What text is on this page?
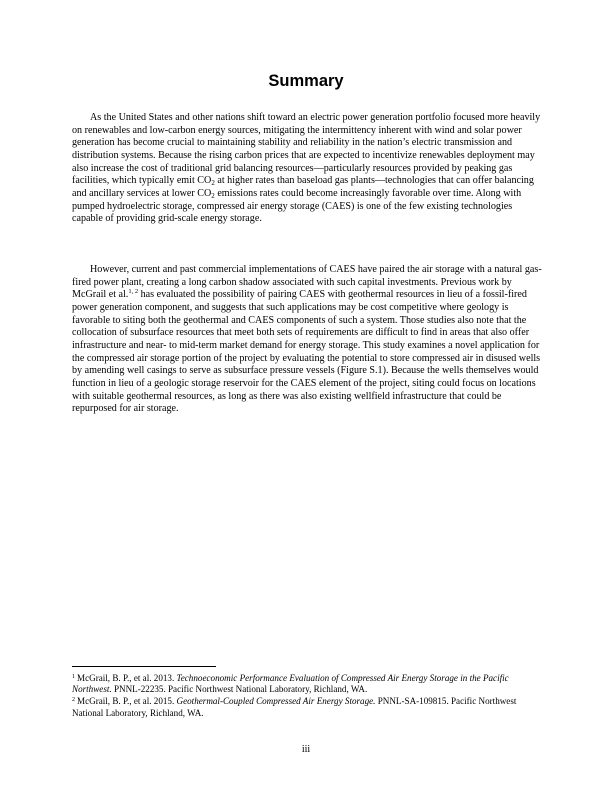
Summary

As the United States and other nations shift toward an electric power generation portfolio focused more heavily on renewables and low-carbon energy sources, mitigating the intermittency inherent with wind and solar power generation has become crucial to maintaining stability and reliability in the nation’s electric transmission and distribution systems. Because the rising carbon prices that are expected to incentivize renewables deployment may also increase the cost of traditional grid balancing resources—particularly resources provided by peaking gas facilities, which typically emit $CO_2$ at higher rates than baseload gas plants—technologies that can offer balancing and ancillary services at lower $CO_2$ emissions rates could become increasingly favorable over time. Along with pumped hydroelectric storage, compressed air energy storage (CAES) is one of the few existing technologies capable of providing grid-scale energy storage.

However, current and past commercial implementations of CAES have paired the air storage with a natural gas-fired power plant, creating a long carbon shadow associated with such capital investments. Previous work by McGrail et al.$^{1, 2}$ has evaluated the possibility of pairing CAES with geothermal resources in lieu of a fossil-fired power generation component, and suggests that such applications may be cost competitive where geology is favorable to siting both the geothermal and CAES components of such a system. Those studies also note that the collocation of subsurface resources that meet both sets of requirements are difficult to find in areas that also offer infrastructure and near- to mid-term market demand for energy storage. This study examines a novel application for the compressed air storage portion of the project by evaluating the potential to store compressed air in disused wells by amending well casings to serve as subsurface pressure vessels (Figure S.1). Because the wells themselves would function in lieu of a geologic storage reservoir for the CAES element of the project, siting could focus on locations with suitable geothermal resources, as long as there was also existing wellfield infrastructure that could be repurposed for air storage.

$^1$ McGrail, B. P., et al. 2013. Technoeconomic Performance Evaluation of Compressed Air Energy Storage in the Pacific Northwest. PNNL-22235. Pacific Northwest National Laboratory, Richland, WA.

$^2$ McGrail, B. P., et al. 2015. Geothermal-Coupled Compressed Air Energy Storage. PNNL-SA-109815. Pacific Northwest National Laboratory, Richland, WA.

iii
